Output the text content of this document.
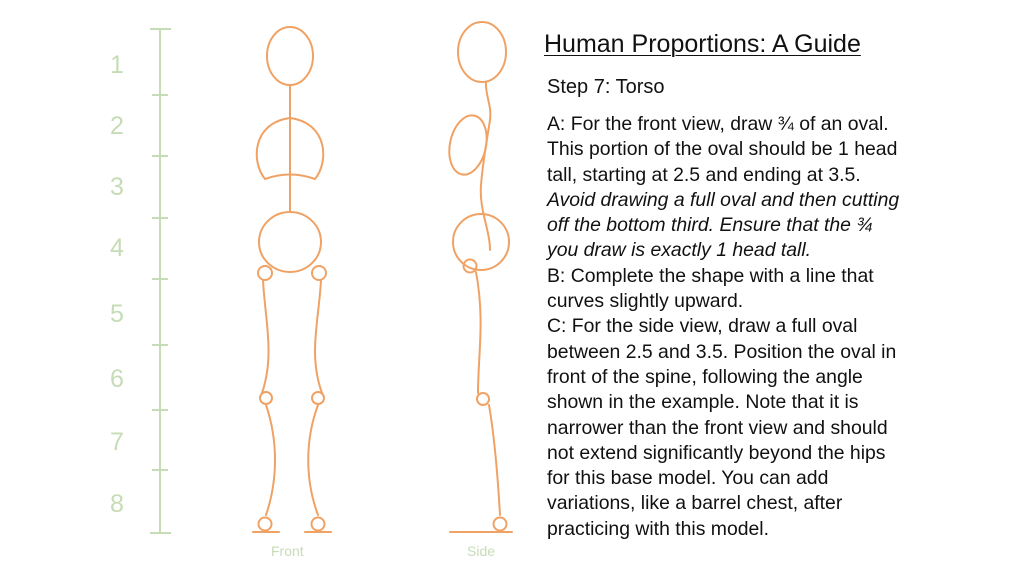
1
2
3
4
5
6
7
8
Front	Side
Human Proportions: A Guide
Step 7: Torso
A: For the front view, draw ¾ of an oval.
This portion of the oval should be 1 head
tall, starting at 2.5 and ending at 3.5.
Avoid drawing a full oval and then cutting
off the bottom third. Ensure that the ¾
you draw is exactly 1 head tall.
B: Complete the shape with a line that
curves slightly upward.
C: For the side view, draw a full oval
between 2.5 and 3.5. Position the oval in
front of the spine, following the angle
shown in the example. Note that it is
narrower than the front view and should
not extend significantly beyond the hips
for this base model. You can add
variations, like a barrel chest, after
practicing with this model.
